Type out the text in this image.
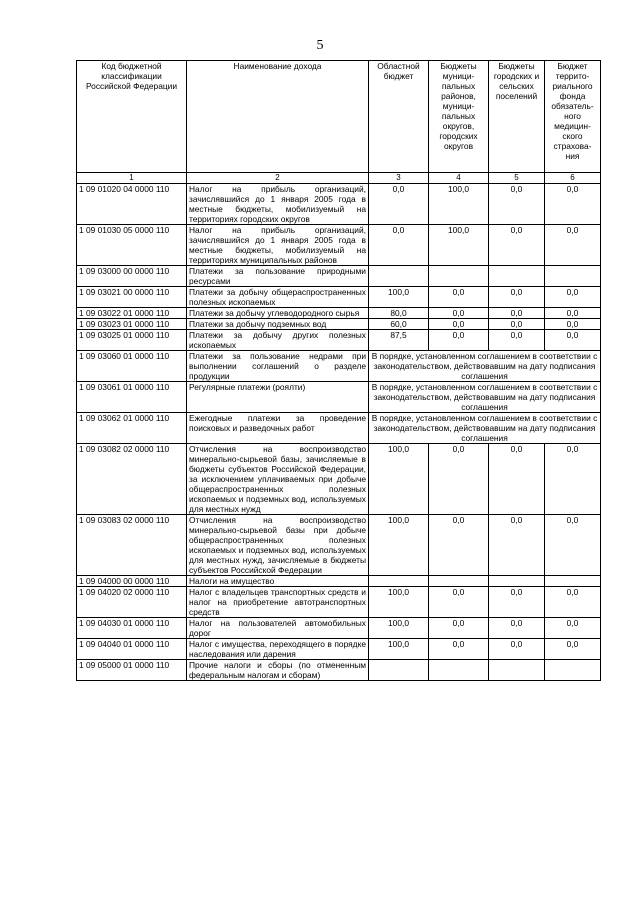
5
Код бюджетной классификации Российской Федерации	Наименование дохода	Областной бюджет	Бюджеты муници-пальных районов, муници-пальных округов, городских округов	Бюджеты городских и сельских поселений	Бюджет террито-риального фонда обязатель-ного медицин-ского страхова-ния
1	2	3	4	5	6
1 09 01020 04 0000 110	Налог на прибыль организаций, зачислявшийся до 1 января 2005 года в местные бюджеты, мобилизуемый на территориях городских округов	0,0	100,0	0,0	0,0
1 09 01030 05 0000 110	Налог на прибыль организаций, зачислявшийся до 1 января 2005 года в местные бюджеты, мобилизуемый на территориях муниципальных районов	0,0	100,0	0,0	0,0
1 09 03000 00 0000 110	Платежи за пользование природными ресурсами				
1 09 03021 00 0000 110	Платежи за добычу общераспространенных полезных ископаемых	100,0	0,0	0,0	0,0
1 09 03022 01 0000 110	Платежи за добычу углеводородного сырья	80,0	0,0	0,0	0,0
1 09 03023 01 0000 110	Платежи за добычу подземных вод	60,0	0,0	0,0	0,0
1 09 03025 01 0000 110	Платежи за добычу других полезных ископаемых	87,5	0,0	0,0	0,0
1 09 03060 01 0000 110	Платежи за пользование недрами при выполнении соглашений о разделе продукции	В порядке, установленном соглашением в соответствии с законодательством, действовавшим на дату подписания соглашения			
1 09 03061 01 0000 110	Регулярные платежи (роялти)	В порядке, установленном соглашением в соответствии с законодательством, действовавшим на дату подписания соглашения			
1 09 03062 01 0000 110	Ежегодные платежи за проведение поисковых и разведочных работ	В порядке, установленном соглашением в соответствии с законодательством, действовавшим на дату подписания соглашения			
1 09 03082 02 0000 110	Отчисления на воспроизводство минерально-сырьевой базы, зачисляемые в бюджеты субъектов Российской Федерации, за исключением уплачиваемых при добыче общераспространенных полезных ископаемых и подземных вод, используемых для местных нужд	100,0	0,0	0,0	0,0
1 09 03083 02 0000 110	Отчисления на воспроизводство минерально-сырьевой базы при добыче общераспространенных полезных ископаемых и подземных вод, используемых для местных нужд, зачисляемые в бюджеты субъектов Российской Федерации	100,0	0,0	0,0	0,0
1 09 04000 00 0000 110	Налоги на имущество				
1 09 04020 02 0000 110	Налог с владельцев транспортных средств и налог на приобретение автотранспортных средств	100,0	0,0	0,0	0,0
1 09 04030 01 0000 110	Налог на пользователей автомобильных дорог	100,0	0,0	0,0	0,0
1 09 04040 01 0000 110	Налог с имущества, переходящего в порядке наследования или дарения	100,0	0,0	0,0	0,0
1 09 05000 01 0000 110	Прочие налоги и сборы (по отмененным федеральным налогам и сборам)				
